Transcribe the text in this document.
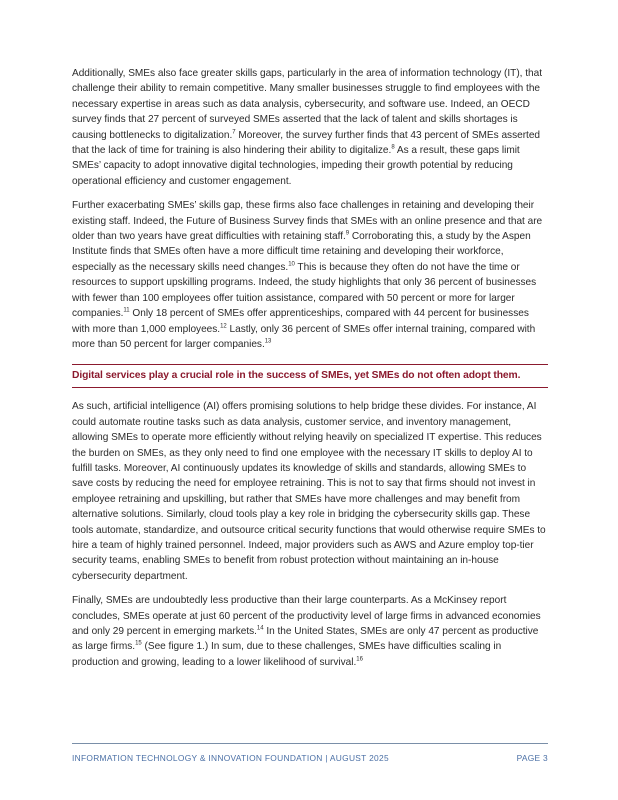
Additionally, SMEs also face greater skills gaps, particularly in the area of information technology (IT), that challenge their ability to remain competitive. Many smaller businesses struggle to find employees with the necessary expertise in areas such as data analysis, cybersecurity, and software use. Indeed, an OECD survey finds that 27 percent of surveyed SMEs asserted that the lack of talent and skills shortages is causing bottlenecks to digitalization.$^7$ Moreover, the survey further finds that 43 percent of SMEs asserted that the lack of time for training is also hindering their ability to digitalize.$^8$ As a result, these gaps limit SMEs’ capacity to adopt innovative digital technologies, impeding their growth potential by reducing operational efficiency and customer engagement.

Further exacerbating SMEs’ skills gap, these firms also face challenges in retaining and developing their existing staff. Indeed, the Future of Business Survey finds that SMEs with an online presence and that are older than two years have great difficulties with retaining staff.$^9$ Corroborating this, a study by the Aspen Institute finds that SMEs often have a more difficult time retaining and developing their workforce, especially as the necessary skills need changes.$^{10}$ This is because they often do not have the time or resources to support upskilling programs. Indeed, the study highlights that only 36 percent of businesses with fewer than 100 employees offer tuition assistance, compared with 50 percent or more for larger companies.$^{11}$ Only 18 percent of SMEs offer apprenticeships, compared with 44 percent for businesses with more than 1,000 employees.$^{12}$ Lastly, only 36 percent of SMEs offer internal training, compared with more than 50 percent for larger companies.$^{13}$

Digital services play a crucial role in the success of SMEs, yet SMEs do not often adopt them.

As such, artificial intelligence (AI) offers promising solutions to help bridge these divides. For instance, AI could automate routine tasks such as data analysis, customer service, and inventory management, allowing SMEs to operate more efficiently without relying heavily on specialized IT expertise. This reduces the burden on SMEs, as they only need to find one employee with the necessary IT skills to deploy AI to fulfill tasks. Moreover, AI continuously updates its knowledge of skills and standards, allowing SMEs to save costs by reducing the need for employee retraining. This is not to say that firms should not invest in employee retraining and upskilling, but rather that SMEs have more challenges and may benefit from alternative solutions. Similarly, cloud tools play a key role in bridging the cybersecurity skills gap. These tools automate, standardize, and outsource critical security functions that would otherwise require SMEs to hire a team of highly trained personnel. Indeed, major providers such as AWS and Azure employ top-tier security teams, enabling SMEs to benefit from robust protection without maintaining an in-house cybersecurity department.

Finally, SMEs are undoubtedly less productive than their large counterparts. As a McKinsey report concludes, SMEs operate at just 60 percent of the productivity level of large firms in advanced economies and only 29 percent in emerging markets.$^{14}$ In the United States, SMEs are only 47 percent as productive as large firms.$^{15}$ (See figure 1.) In sum, due to these challenges, SMEs have difficulties scaling in production and growing, leading to a lower likelihood of survival.$^{16}$

INFORMATION TECHNOLOGY & INNOVATION FOUNDATION | AUGUST 2025	PAGE 3
